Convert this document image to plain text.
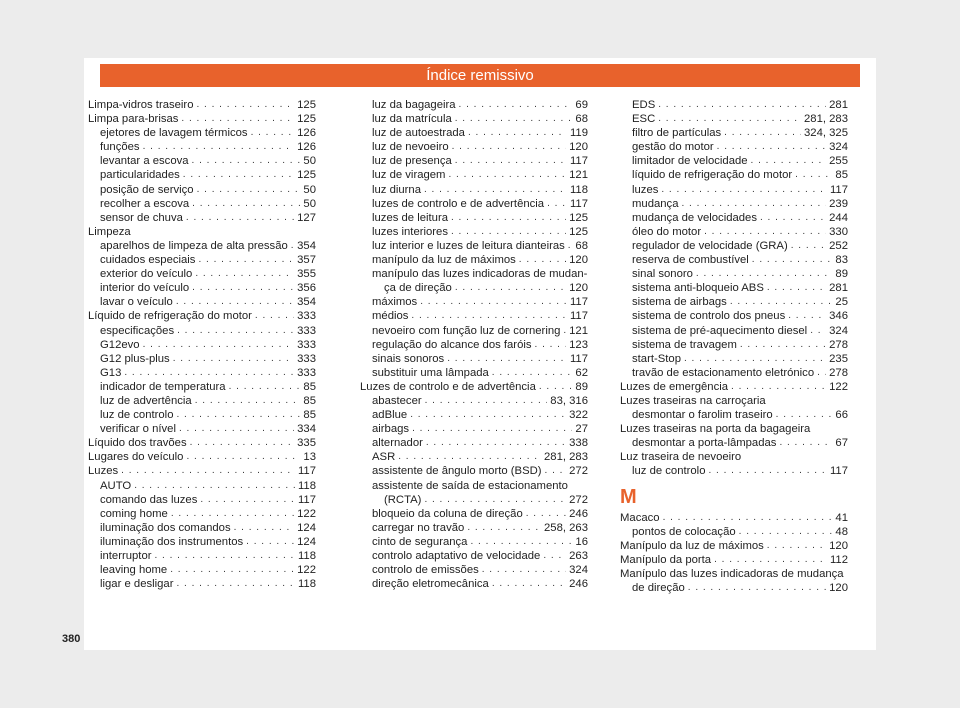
Índice remissivo
Limpa-vidros traseiro . . .	125
Limpa para-brisas . . .	125
ejetores de lavagem térmicos . . .	126
funções . . .	126
levantar a escova . . .	50
particularidades . . .	125
posição de serviço . . .	50
recolher a escova . . .	50
sensor de chuva . . .	127
Limpeza
aparelhos de limpeza de alta pressão . . . 354
cuidados especiais . . .	357
exterior do veículo . . .	355
interior do veículo . . .	356
lavar o veículo . . .	354
Líquido de refrigeração do motor . . .	333
especificações . . .	333
G12evo . . .	333
G12 plus-plus . . .	333
G13 . . .	333
indicador de temperatura . . .	85
luz de advertência . . .	85
luz de controlo . . .	85
verificar o nível . . .	334
Líquido dos travões . . .	335
Lugares do veículo . . .	13
Luzes . . .	117
AUTO . . .	118
comando das luzes . . .	117
coming home . . .	122
iluminação dos comandos . . .	124
iluminação dos instrumentos . . .	124
interruptor . . .	118
leaving home . . .	122
ligar e desligar . . .	118
luz da bagageira . . .	69
luz da matrícula . . .	68
luz de autoestrada . . .	119
luz de nevoeiro . . .	120
luz de presença . . .	117
luz de viragem . . .	121
luz diurna . . .	118
luzes de controlo e de advertência . . . 117
luzes de leitura . . .	125
luzes interiores . . .	125
luz interior e luzes de leitura dianteiras . . . 68
manípulo da luz de máximos . . .	120
manípulo das luzes indicadoras de mudan-
ça de direção . . .	120
máximos . . .	117
médios . . .	117
nevoeiro com função luz de cornering . . . 121
regulação do alcance dos faróis . . .	123
sinais sonoros . . .	117
substituir uma lâmpada . . .	62
Luzes de controlo e de advertência . . .	89
abastecer . . .	83, 316
adBlue . . .	322
airbags . . .	27
alternador . . .	338
ASR . . .	281, 283
assistente de ângulo morto (BSD) . . . 272
assistente de saída de estacionamento
(RCTA) . . .	272
bloqueio da coluna de direção . . .	246
carregar no travão . . .	258, 263
cinto de segurança . . .	16
controlo adaptativo de velocidade . . .	263
controlo de emissões . . .	324
direção eletromecânica . . .	246
EDS . . .	281
ESC . . .	281, 283
filtro de partículas . . .	324, 325
gestão do motor . . .	324
limitador de velocidade . . .	255
líquido de refrigeração do motor . . .	85
luzes . . .	117
mudança . . .	239
mudança de velocidades . . .	244
óleo do motor . . .	330
regulador de velocidade (GRA) . . .	252
reserva de combustível . . .	83
sinal sonoro . . .	89
sistema anti-bloqueio ABS . . .	281
sistema de airbags . . .	25
sistema de controlo dos pneus . . .	346
sistema de pré-aquecimento diesel . . . 324
sistema de travagem . . .	278
start-Stop . . .	235
travão de estacionamento eletrónico . . . 278
Luzes de emergência . . .	122
Luzes traseiras na carroçaria
desmontar o farolim traseiro . . .	66
Luzes traseiras na porta da bagageira
desmontar a porta-lâmpadas . . .	67
Luz traseira de nevoeiro
luz de controlo . . .	117
M
Macaco . . .	41
pontos de colocação . . .	48
Manípulo da luz de máximos . . .	120
Manípulo da porta . . .	112
Manípulo das luzes indicadoras de mudança
de direção . . .	120
380
